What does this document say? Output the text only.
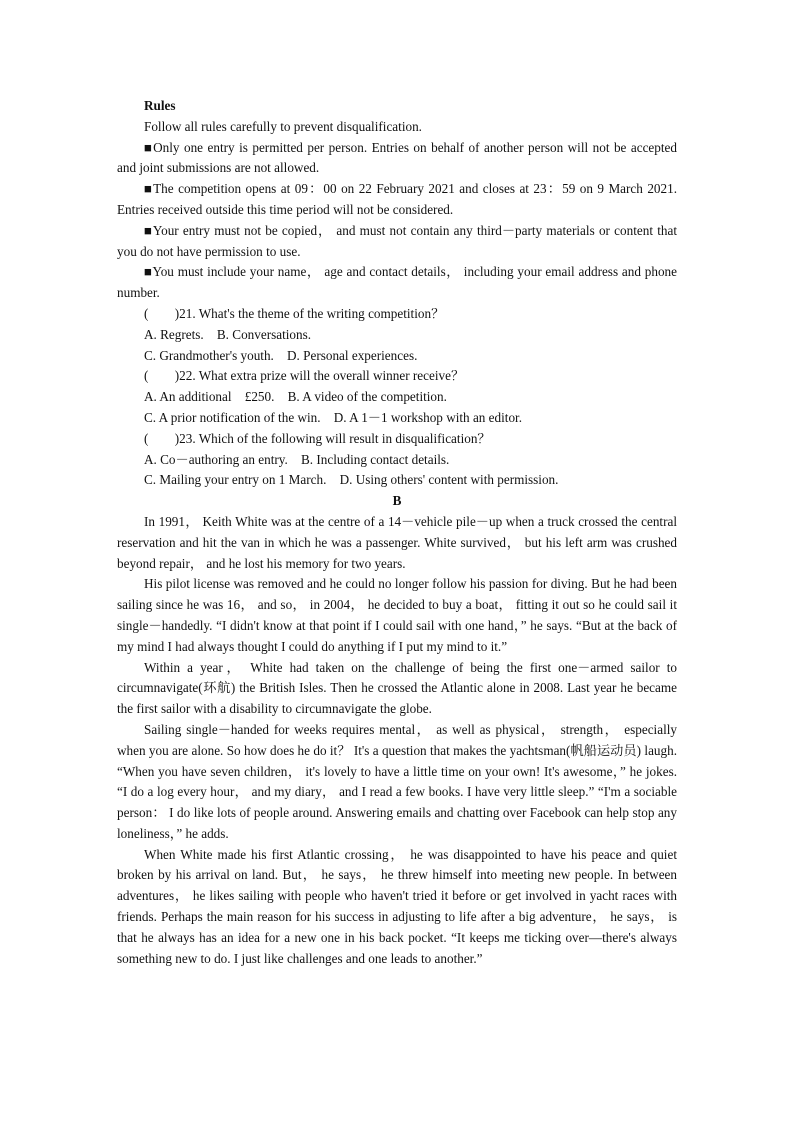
Rules

Follow all rules carefully to prevent disqualification.

■Only one entry is permitted per person. Entries on behalf of another person will not be accepted and joint submissions are not allowed.

■The competition opens at 09：00 on 22 February 2021 and closes at 23：59 on 9 March 2021. Entries received outside this time period will not be considered.

■Your entry must not be copied， and must not contain any third－party materials or content that you do not have permission to use.

■You must include your name， age and contact details， including your email address and phone number.

(　　)21. What's the theme of the writing competition？

A. Regrets.　B. Conversations.

C. Grandmother's youth.　D. Personal experiences.

(　　)22. What extra prize will the overall winner receive？

A. An additional　£250.　B. A video of the competition.

C. A prior notification of the win.　D. A 1－1 workshop with an editor.

(　　)23. Which of the following will result in disqualification？

A. Co－authoring an entry.　B. Including contact details.

C. Mailing your entry on 1 March.　D. Using others' content with permission.

B

In 1991， Keith White was at the centre of a 14－vehicle pile－up when a truck crossed the central reservation and hit the van in which he was a passenger. White survived， but his left arm was crushed beyond repair， and he lost his memory for two years.

His pilot license was removed and he could no longer follow his passion for diving. But he had been sailing since he was 16， and so， in 2004， he decided to buy a boat， fitting it out so he could sail it single－handedly. “I didn't know at that point if I could sail with one hand，” he says. “But at the back of my mind I had always thought I could do anything if I put my mind to it.”

Within a year， White had taken on the challenge of being the first one－armed sailor to circumnavigate(环航) the British Isles. Then he crossed the Atlantic alone in 2008. Last year he became the first sailor with a disability to circumnavigate the globe.

Sailing single－handed for weeks requires mental， as well as physical， strength， especially when you are alone. So how does he do it？ It's a question that makes the yachtsman(帆船运动员) laugh. “When you have seven children， it's lovely to have a little time on your own! It's awesome，” he jokes. “I do a log every hour， and my diary， and I read a few books. I have very little sleep.” “I'm a sociable person： I do like lots of people around. Answering emails and chatting over Facebook can help stop any loneliness，” he adds.

When White made his first Atlantic crossing， he was disappointed to have his peace and quiet broken by his arrival on land. But， he says， he threw himself into meeting new people. In between adventures， he likes sailing with people who haven't tried it before or get involved in yacht races with friends. Perhaps the main reason for his success in adjusting to life after a big adventure， he says， is that he always has an idea for a new one in his back pocket. “It keeps me ticking over—there's always something new to do. I just like challenges and one leads to another.”
